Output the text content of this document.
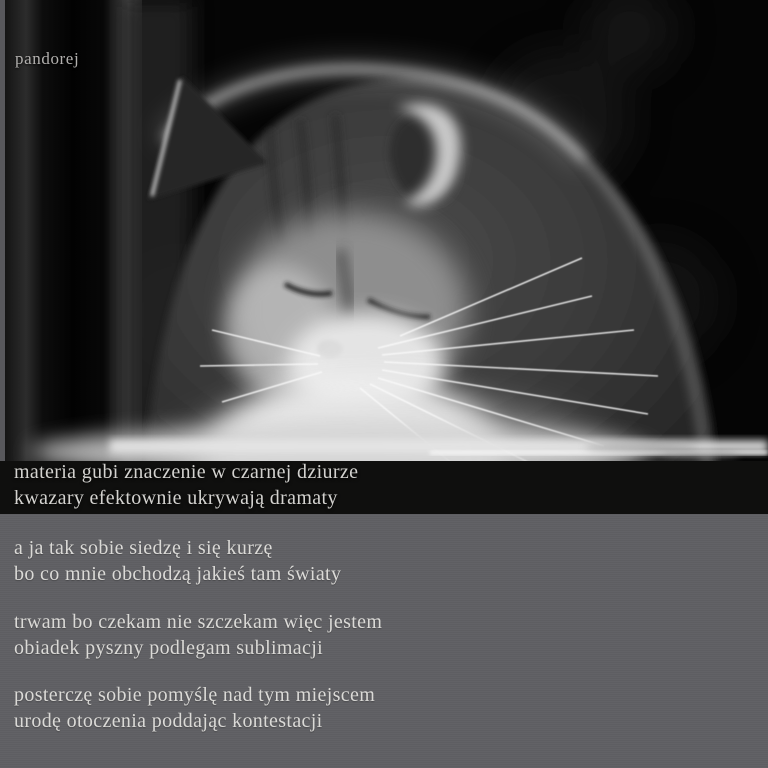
pandorej
materia gubi znaczenie w czarnej dziurze
kwazary efektownie ukrywają dramaty
a ja tak sobie siedzę i się kurzę
bo co mnie obchodzą jakieś tam światy
trwam bo czekam nie szczekam więc jestem
obiadek pyszny podlegam sublimacji
posterczę sobie pomyślę nad tym miejscem
urodę otoczenia poddając kontestacji
